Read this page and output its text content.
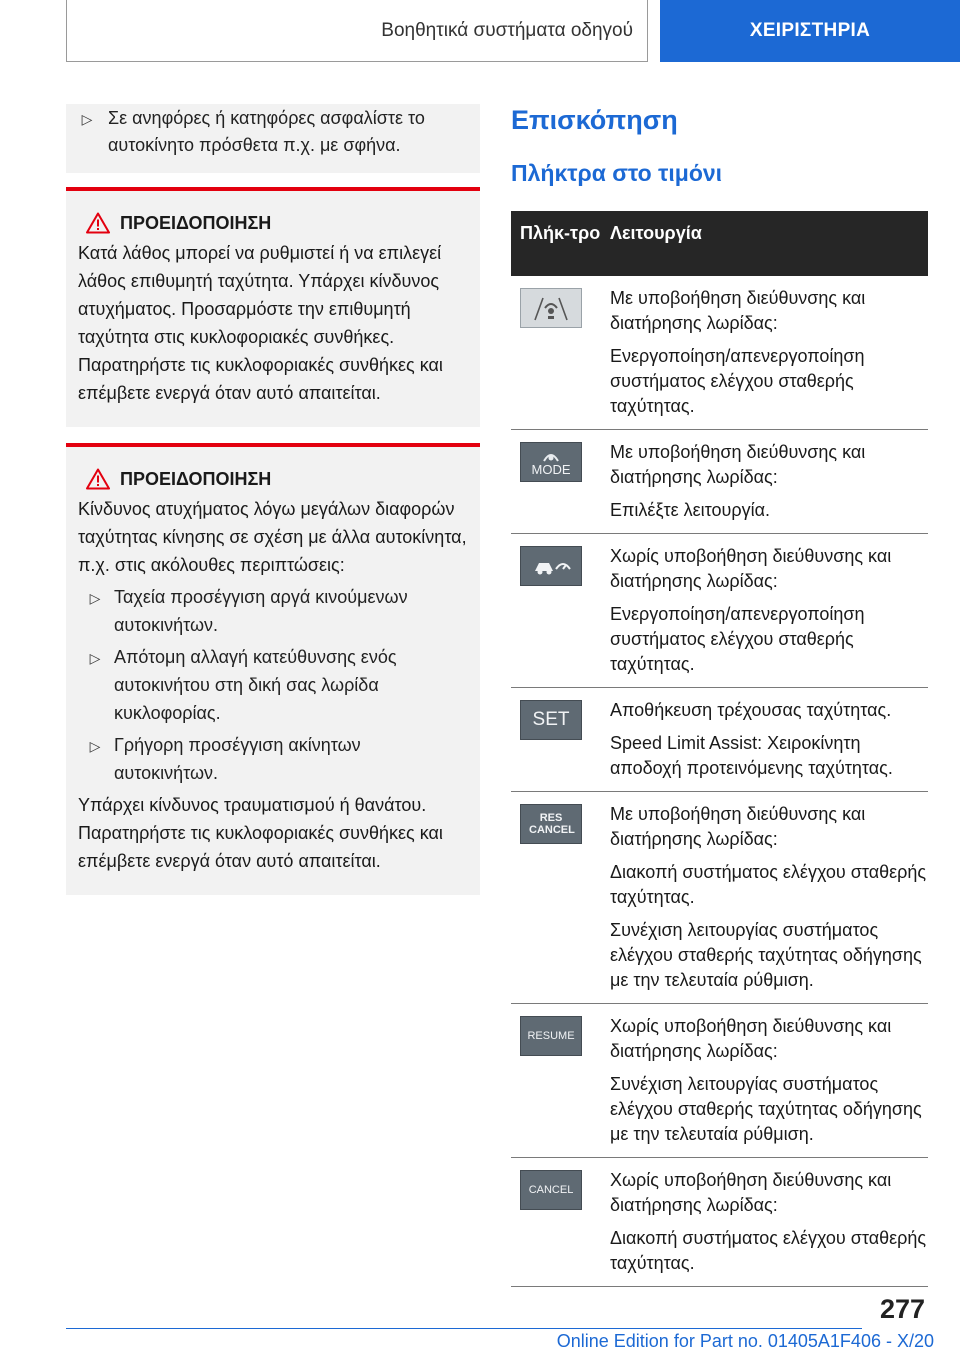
Βοηθητικά συστήματα οδηγού	ΧΕΙΡΙΣΤΗΡΙΑ
▷ Σε ανηφόρες ή κατηφόρες ασφαλίστε το αυτοκίνητο πρόσθετα π.χ. με σφήνα.
ΠΡΟΕΙΔΟΠΟΙΗΣΗ
Κατά λάθος μπορεί να ρυθμιστεί ή να επιλεγεί λάθος επιθυμητή ταχύτητα. Υπάρχει κίνδυνος ατυχήματος. Προσαρμόστε την επιθυμητή ταχύτητα στις κυκλοφοριακές συνθήκες. Παρατηρήστε τις κυκλοφοριακές συνθήκες και επέμβετε ενεργά όταν αυτό απαιτείται.
ΠΡΟΕΙΔΟΠΟΙΗΣΗ
Κίνδυνος ατυχήματος λόγω μεγάλων διαφορών ταχύτητας κίνησης σε σχέση με άλλα αυτοκίνητα, π.χ. στις ακόλουθες περιπτώσεις:
▷ Ταχεία προσέγγιση αργά κινούμενων αυτοκινήτων.
▷ Απότομη αλλαγή κατεύθυνσης ενός αυτοκινήτου στη δική σας λωρίδα κυκλοφορίας.
▷ Γρήγορη προσέγγιση ακίνητων αυτοκινήτων.
Υπάρχει κίνδυνος τραυματισμού ή θανάτου. Παρατηρήστε τις κυκλοφοριακές συνθήκες και επέμβετε ενεργά όταν αυτό απαιτείται.
Επισκόπηση
Πλήκτρα στο τιμόνι
Πλήκ-τρο Λειτουργία

Με υποβοήθηση διεύθυνσης και διατήρησης λωρίδας:

Ενεργοποίηση/απενεργοποίηση συστήματος ελέγχου σταθερής ταχύτητας.

MODE

Με υποβοήθηση διεύθυνσης και διατήρησης λωρίδας:

Επιλέξτε λειτουργία.

Χωρίς υποβοήθηση διεύθυνσης και διατήρησης λωρίδας:

Ενεργοποίηση/απενεργοποίηση συστήματος ελέγχου σταθερής ταχύτητας.

SET Αποθήκευση τρέχουσας ταχύτητας.

Speed Limit Assist: Χειροκίνητη αποδοχή προτεινόμενης ταχύτητας.

RES CANCEL

Με υποβοήθηση διεύθυνσης και διατήρησης λωρίδας:

Διακοπή συστήματος ελέγχου σταθερής ταχύτητας.

Συνέχιση λειτουργίας συστήματος ελέγχου σταθερής ταχύτητας οδήγησης με την τελευταία ρύθμιση.

RESUME Χωρίς υποβοήθηση διεύθυνσης και διατήρησης λωρίδας:

Συνέχιση λειτουργίας συστήματος ελέγχου σταθερής ταχύτητας οδήγησης με την τελευταία ρύθμιση.

CANCEL Χωρίς υποβοήθηση διεύθυνσης και διατήρησης λωρίδας:

Διακοπή συστήματος ελέγχου σταθερής ταχύτητας.

277
Online Edition for Part no. 01405A1F406 - X/20
